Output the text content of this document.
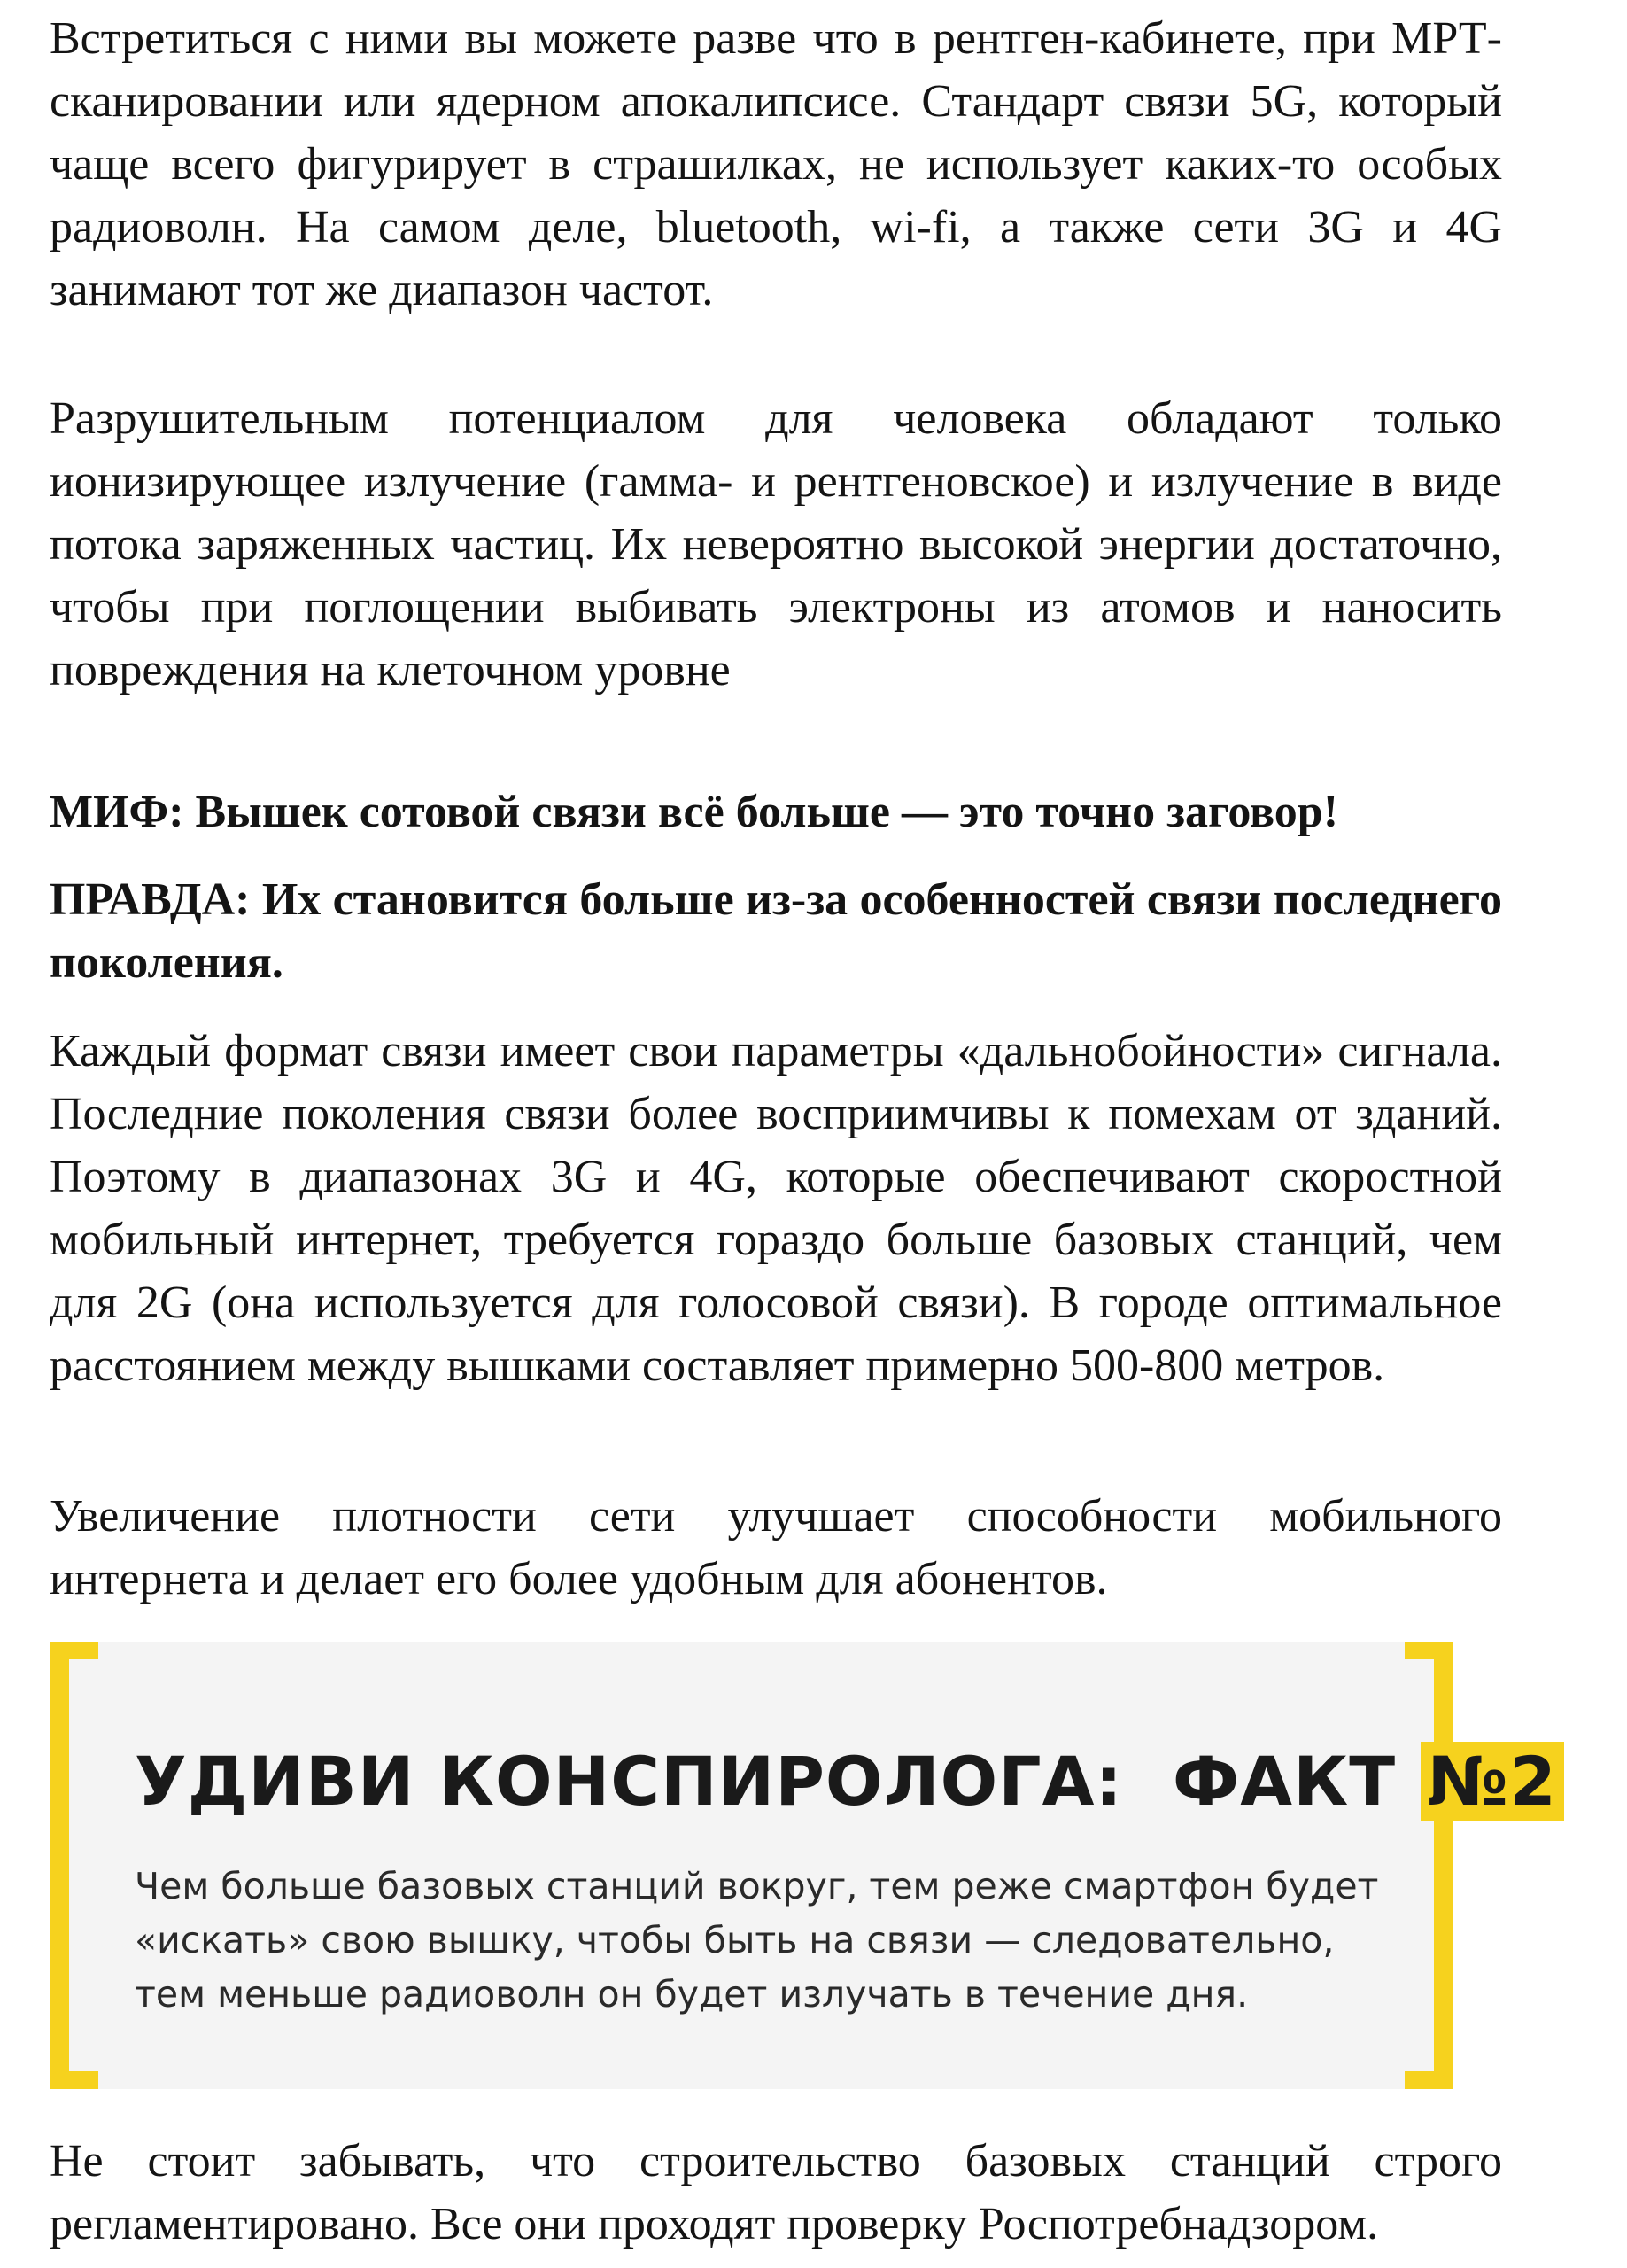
Встретиться с ними вы можете разве что в рентген-кабинете, при МРТ-сканировании или ядерном апокалипсисе. Стандарт связи 5G, который чаще всего фигурирует в страшилках, не использует каких-то особых радиоволн. На самом деле, bluetooth, wi-fi, а также сети 3G и 4G занимают тот же диапазон частот.

Разрушительным потенциалом для человека обладают только ионизирующее излучение (гамма- и рентгеновское) и излучение в виде потока заряженных частиц. Их невероятно высокой энергии достаточно, чтобы при поглощении выбивать электроны из атомов и наносить повреждения на клеточном уровне

МИФ: Вышек сотовой связи всё больше — это точно заговор!

ПРАВДА: Их становится больше из-за особенностей связи последнего поколения.

Каждый формат связи имеет свои параметры «дальнобойности» сигнала. Последние поколения связи более восприимчивы к помехам от зданий. Поэтому в диапазонах 3G и 4G, которые обеспечивают скоростной мобильный интернет, требуется гораздо больше базовых станций, чем для 2G (она используется для голосовой связи). В городе оптимальное расстоянием между вышками составляет примерно 500-800 метров.

Увеличение плотности сети улучшает способности мобильного интернета и делает его более удобным для абонентов.

Не стоит забывать, что строительство базовых станций строго регламентировано. Все они проходят проверку Роспотребнадзором.

УДИВИ КОНСПИРОЛОГА: ФАКТ №2

Чем больше базовых станций вокруг, тем реже смартфон будет «искать» свою вышку, чтобы быть на связи — следовательно, тем меньше радиоволн он будет излучать в течение дня.
